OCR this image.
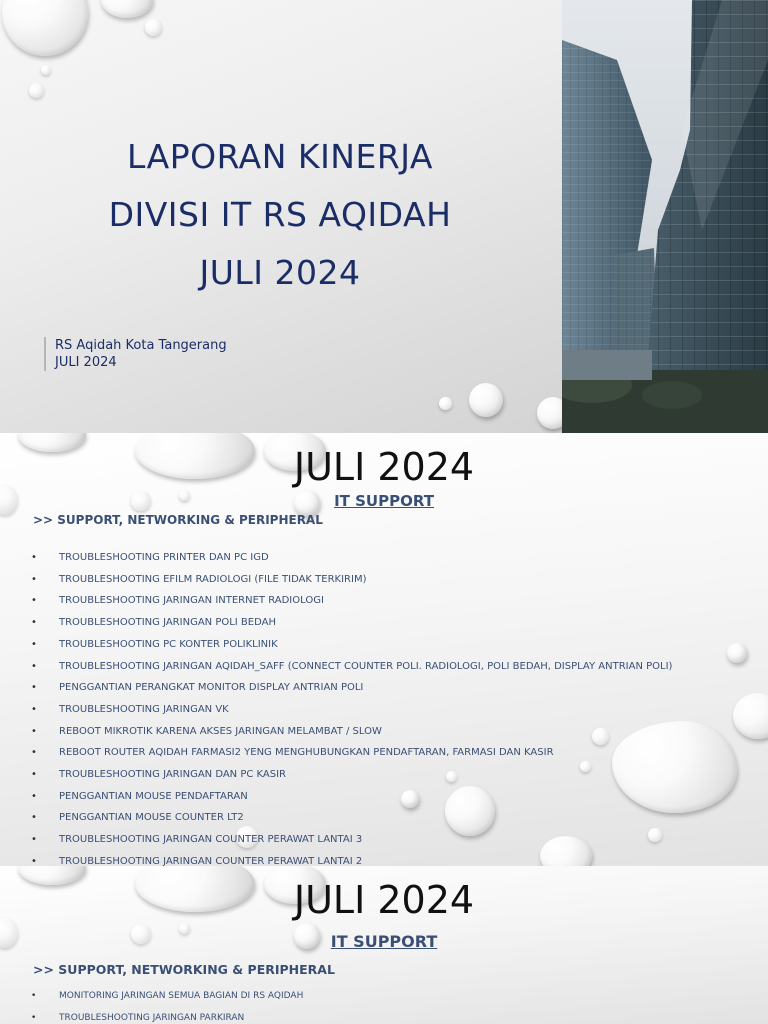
LAPORAN KINERJA
DIVISI IT RS AQIDAH
JULI 2024
RS Aqidah Kota Tangerang
JULI 2024
JULI 2024
IT SUPPORT
>> SUPPORT, NETWORKING & PERIPHERAL
• TROUBLESHOOTING PRINTER DAN PC IGD
• TROUBLESHOOTING EFILM RADIOLOGI (FILE TIDAK TERKIRIM)
• TROUBLESHOOTING JARINGAN INTERNET RADIOLOGI
• TROUBLESHOOTING JARINGAN POLI BEDAH
• TROUBLESHOOTING PC KONTER POLIKLINIK
• TROUBLESHOOTING JARINGAN AQIDAH_SAFF (CONNECT COUNTER POLI. RADIOLOGI, POLI BEDAH, DISPLAY ANTRIAN POLI)
• PENGGANTIAN PERANGKAT MONITOR DISPLAY ANTRIAN POLI
• TROUBLESHOOTING JARINGAN VK
• REBOOT MIKROTIK KARENA AKSES JARINGAN MELAMBAT / SLOW
• REBOOT ROUTER AQIDAH FARMASI2 YENG MENGHUBUNGKAN PENDAFTARAN, FARMASI DAN KASIR
• TROUBLESHOOTING JARINGAN DAN PC KASIR
• PENGGANTIAN MOUSE PENDAFTARAN
• PENGGANTIAN MOUSE COUNTER LT2
• TROUBLESHOOTING JARINGAN COUNTER PERAWAT LANTAI 3
• TROUBLESHOOTING JARINGAN COUNTER PERAWAT LANTAI 2
JULI 2024
IT SUPPORT
>> SUPPORT, NETWORKING & PERIPHERAL
•	MONITORING JARINGAN SEMUA BAGIAN DI RS AQIDAH
•	TROUBLESHOOTING JARINGAN PARKIRAN
